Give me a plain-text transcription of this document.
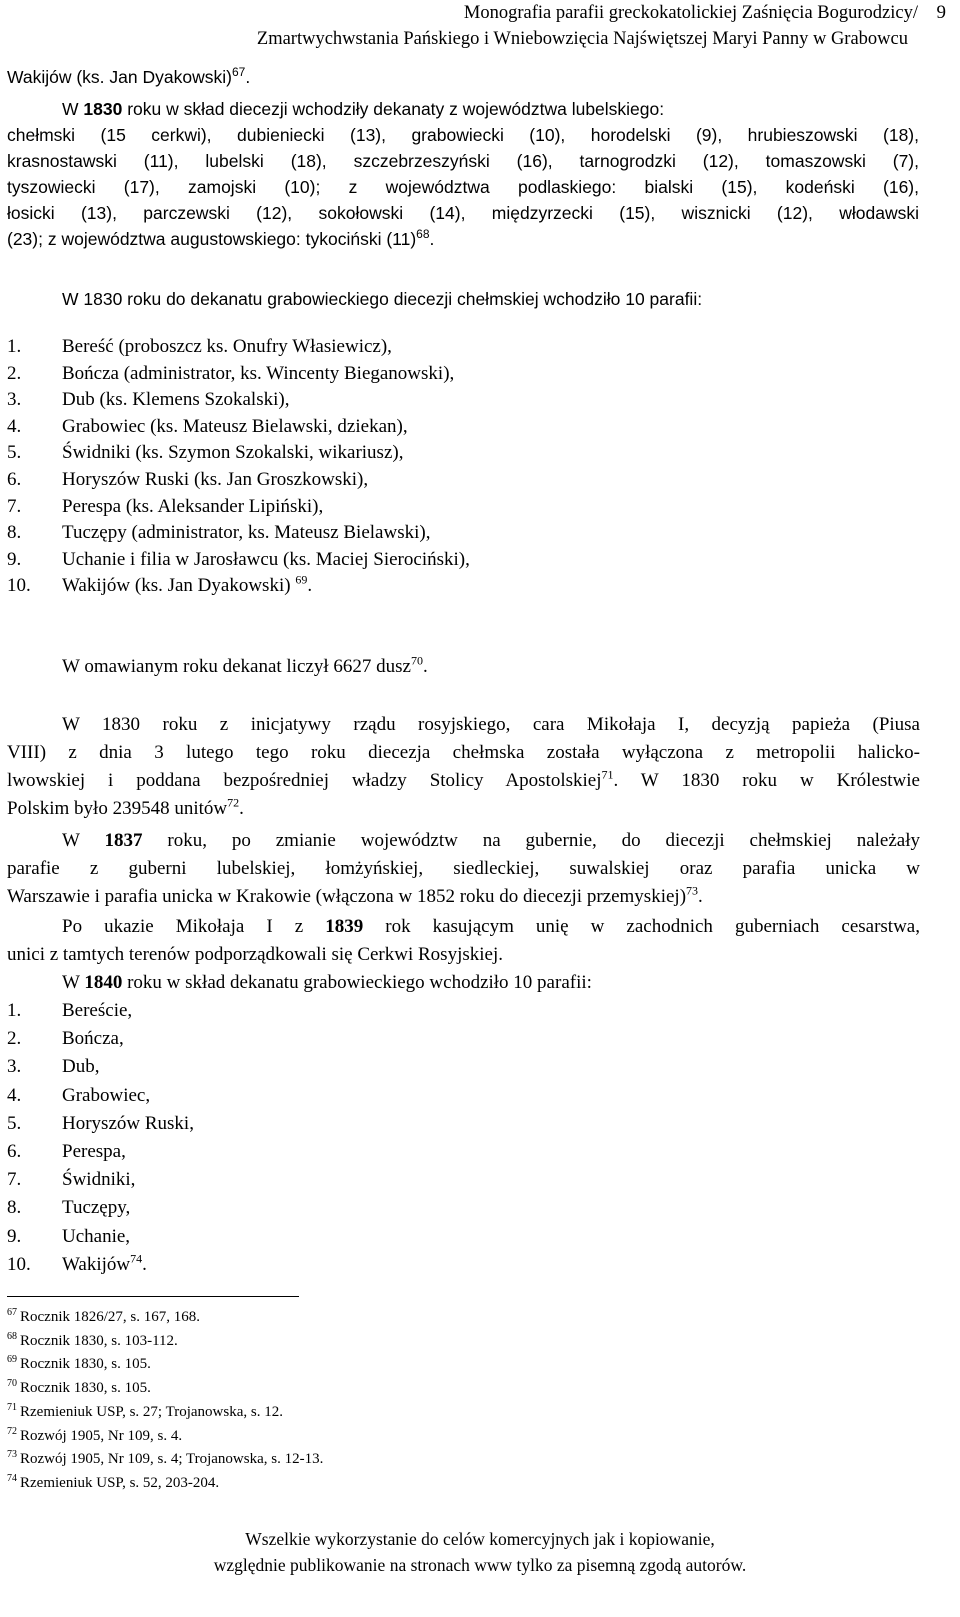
Monografia parafii greckokatolickiej Zaśnięcia Bogurodzicy/
Zmartwychwstania Pańskiego i Wniebowzięcia Najświętszej Maryi Panny w Grabowcu
9
Wakijów (ks. Jan Dyakowski)$^{67}$.
W 1830 roku w skład diecezji wchodziły dekanaty z województwa lubelskiego:
chełmski (15 cerkwi), dubieniecki (13), grabowiecki (10), horodelski (9), hrubieszowski (18),
krasnostawski (11), lubelski (18), szczebrzeszyński (16), tarnogrodzki (12), tomaszowski (7),
tyszowiecki (17), zamojski (10); z województwa podlaskiego: bialski (15), kodeński (16),
łosicki (13), parczewski (12), sokołowski (14), międzyrzecki (15), wisznicki (12), włodawski
(23); z województwa augustowskiego: tykociński $(11)^{68}$.
W 1830 roku do dekanatu grabowieckiego diecezji chełmskiej wchodziło 10 parafii:
1. Bereść (proboszcz ks. Onufry Własiewicz),
2. Bończa (administrator, ks. Wincenty Bieganowski),
3. Dub (ks. Klemens Szokalski),
4. Grabowiec (ks. Mateusz Bielawski, dziekan),
5. Świdniki (ks. Szymon Szokalski, wikariusz),
6. Horyszów Ruski (ks. Jan Groszkowski),
7. Perespa (ks. Aleksander Lipiński),
8. Tuczępy (administrator, ks. Mateusz Bielawski),
9. Uchanie i filia w Jarosławcu (ks. Maciej Sierociński),
10. Wakijów (ks. Jan Dyakowski) $^{69}$.
W omawianym roku dekanat liczył 6627 dusz$^{70}$.
W 1830 roku z inicjatywy rządu rosyjskiego, cara Mikołaja I, decyzją papieża (Piusa
VIII) z dnia 3 lutego tego roku diecezja chełmska została wyłączona z metropolii halicko-
lwowskiej i poddana bezpośredniej władzy Stolicy Apostolskiej$^{71}$. W 1830 roku w Królestwie
Polskim było 239548 unitów$^{72}$.
W 1837 roku, po zmianie województw na gubernie, do diecezji chełmskiej należały
parafie z guberni lubelskiej, łomżyńskiej, siedleckiej, suwalskiej oraz parafia unicka w
Warszawie i parafia unicka w Krakowie (włączona w 1852 roku do diecezji przemyskiej)$^{73}$.
Po ukazie Mikołaja I z 1839 rok kasującym unię w zachodnich guberniach cesarstwa,
unici z tamtych terenów podporządkowali się Cerkwi Rosyjskiej.
W 1840 roku w skład dekanatu grabowieckiego wchodziło 10 parafii:
1. Bereście,
2. Bończa,
3. Dub,
4. Grabowiec,
5. Horyszów Ruski,
6. Perespa,
7. Świdniki,
8. Tuczępy,
9. Uchanie,
10. Wakijów$^{74}$.
$^{67}$ Rocznik 1826/27, s. 167, 168.
$^{68}$ Rocznik 1830, s. 103-112.
$^{69}$ Rocznik 1830, s. 105.
$^{70}$ Rocznik 1830, s. 105.
$^{71}$ Rzemieniuk USP, s. 27; Trojanowska, s. 12.
$^{72}$ Rozwój 1905, Nr 109, s. 4.
$^{73}$ Rozwój 1905, Nr 109, s. 4; Trojanowska, s. 12-13.
$^{74}$ Rzemieniuk USP, s. 52, 203-204.
Wszelkie wykorzystanie do celów komercyjnych jak i kopiowanie,
względnie publikowanie na stronach www tylko za pisemną zgodą autorów.
